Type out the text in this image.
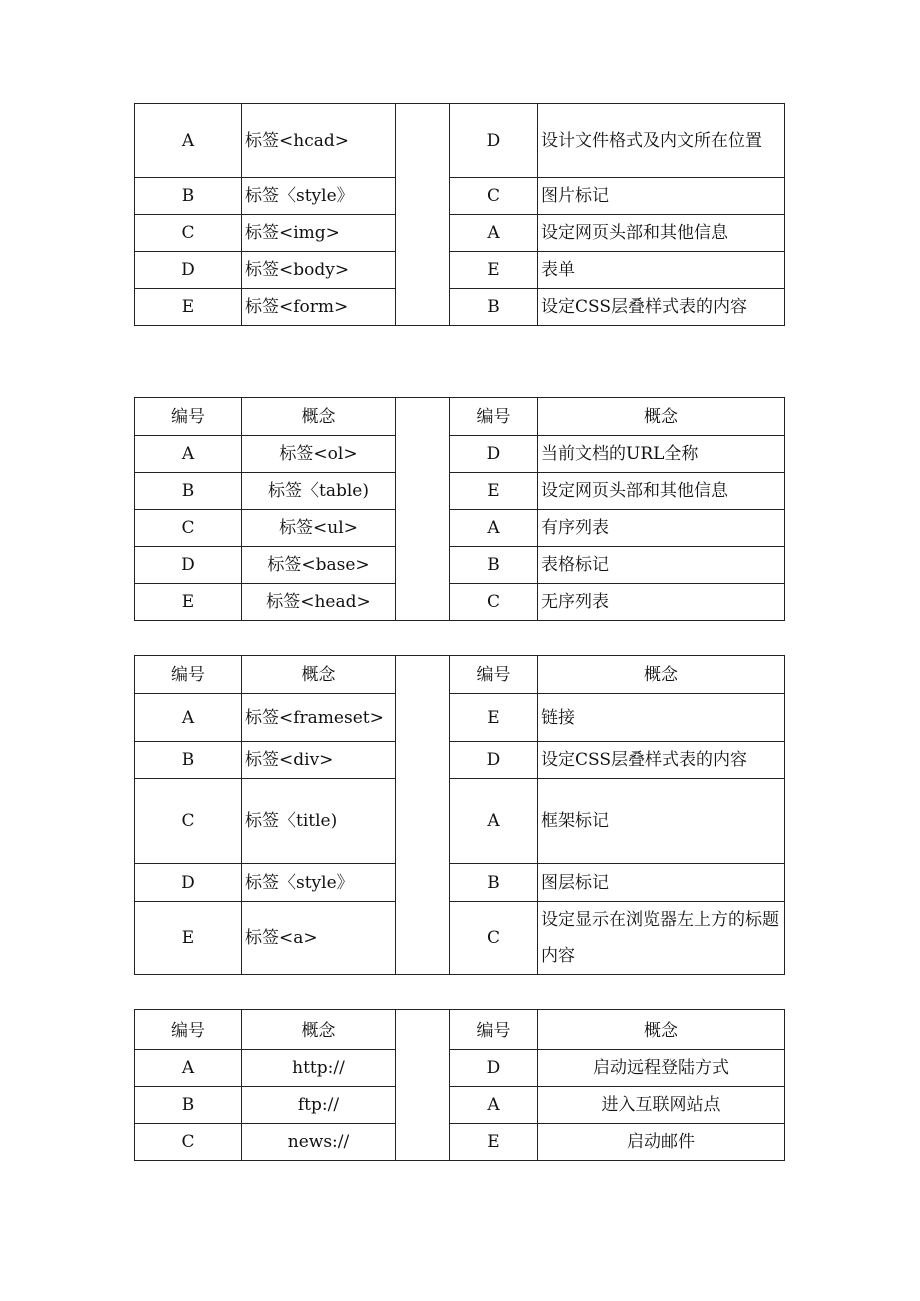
A	标签<hcad>		D	设计文件格式及内文所在位置
B	标签〈style》		C	图片标记
C	标签<img>		A	设定网页头部和其他信息
D	标签<body>		E	表单
E	标签<form>		B	设定CSS层叠样式表的内容
编号	概念		编号	概念
A	标签<ol>		D	当前文档的URL全称
B	标签〈table)		E	设定网页头部和其他信息
C	标签<ul>		A	有序列表
D	标签<base>		B	表格标记
E	标签<head>		C	无序列表
编号	概念		编号	概念
A	标签<frameset>		E	链接
B	标签<div>		D	设定CSS层叠样式表的内容
C	标签〈title)		A	框架标记
D	标签〈style》		B	图层标记
E	标签<a>		C	设定显示在浏览器左上方的标题内容
编号	概念		编号	概念
A	http://		D	启动远程登陆方式
B	ftp://		A	进入互联网站点
C	news://		E	启动邮件
